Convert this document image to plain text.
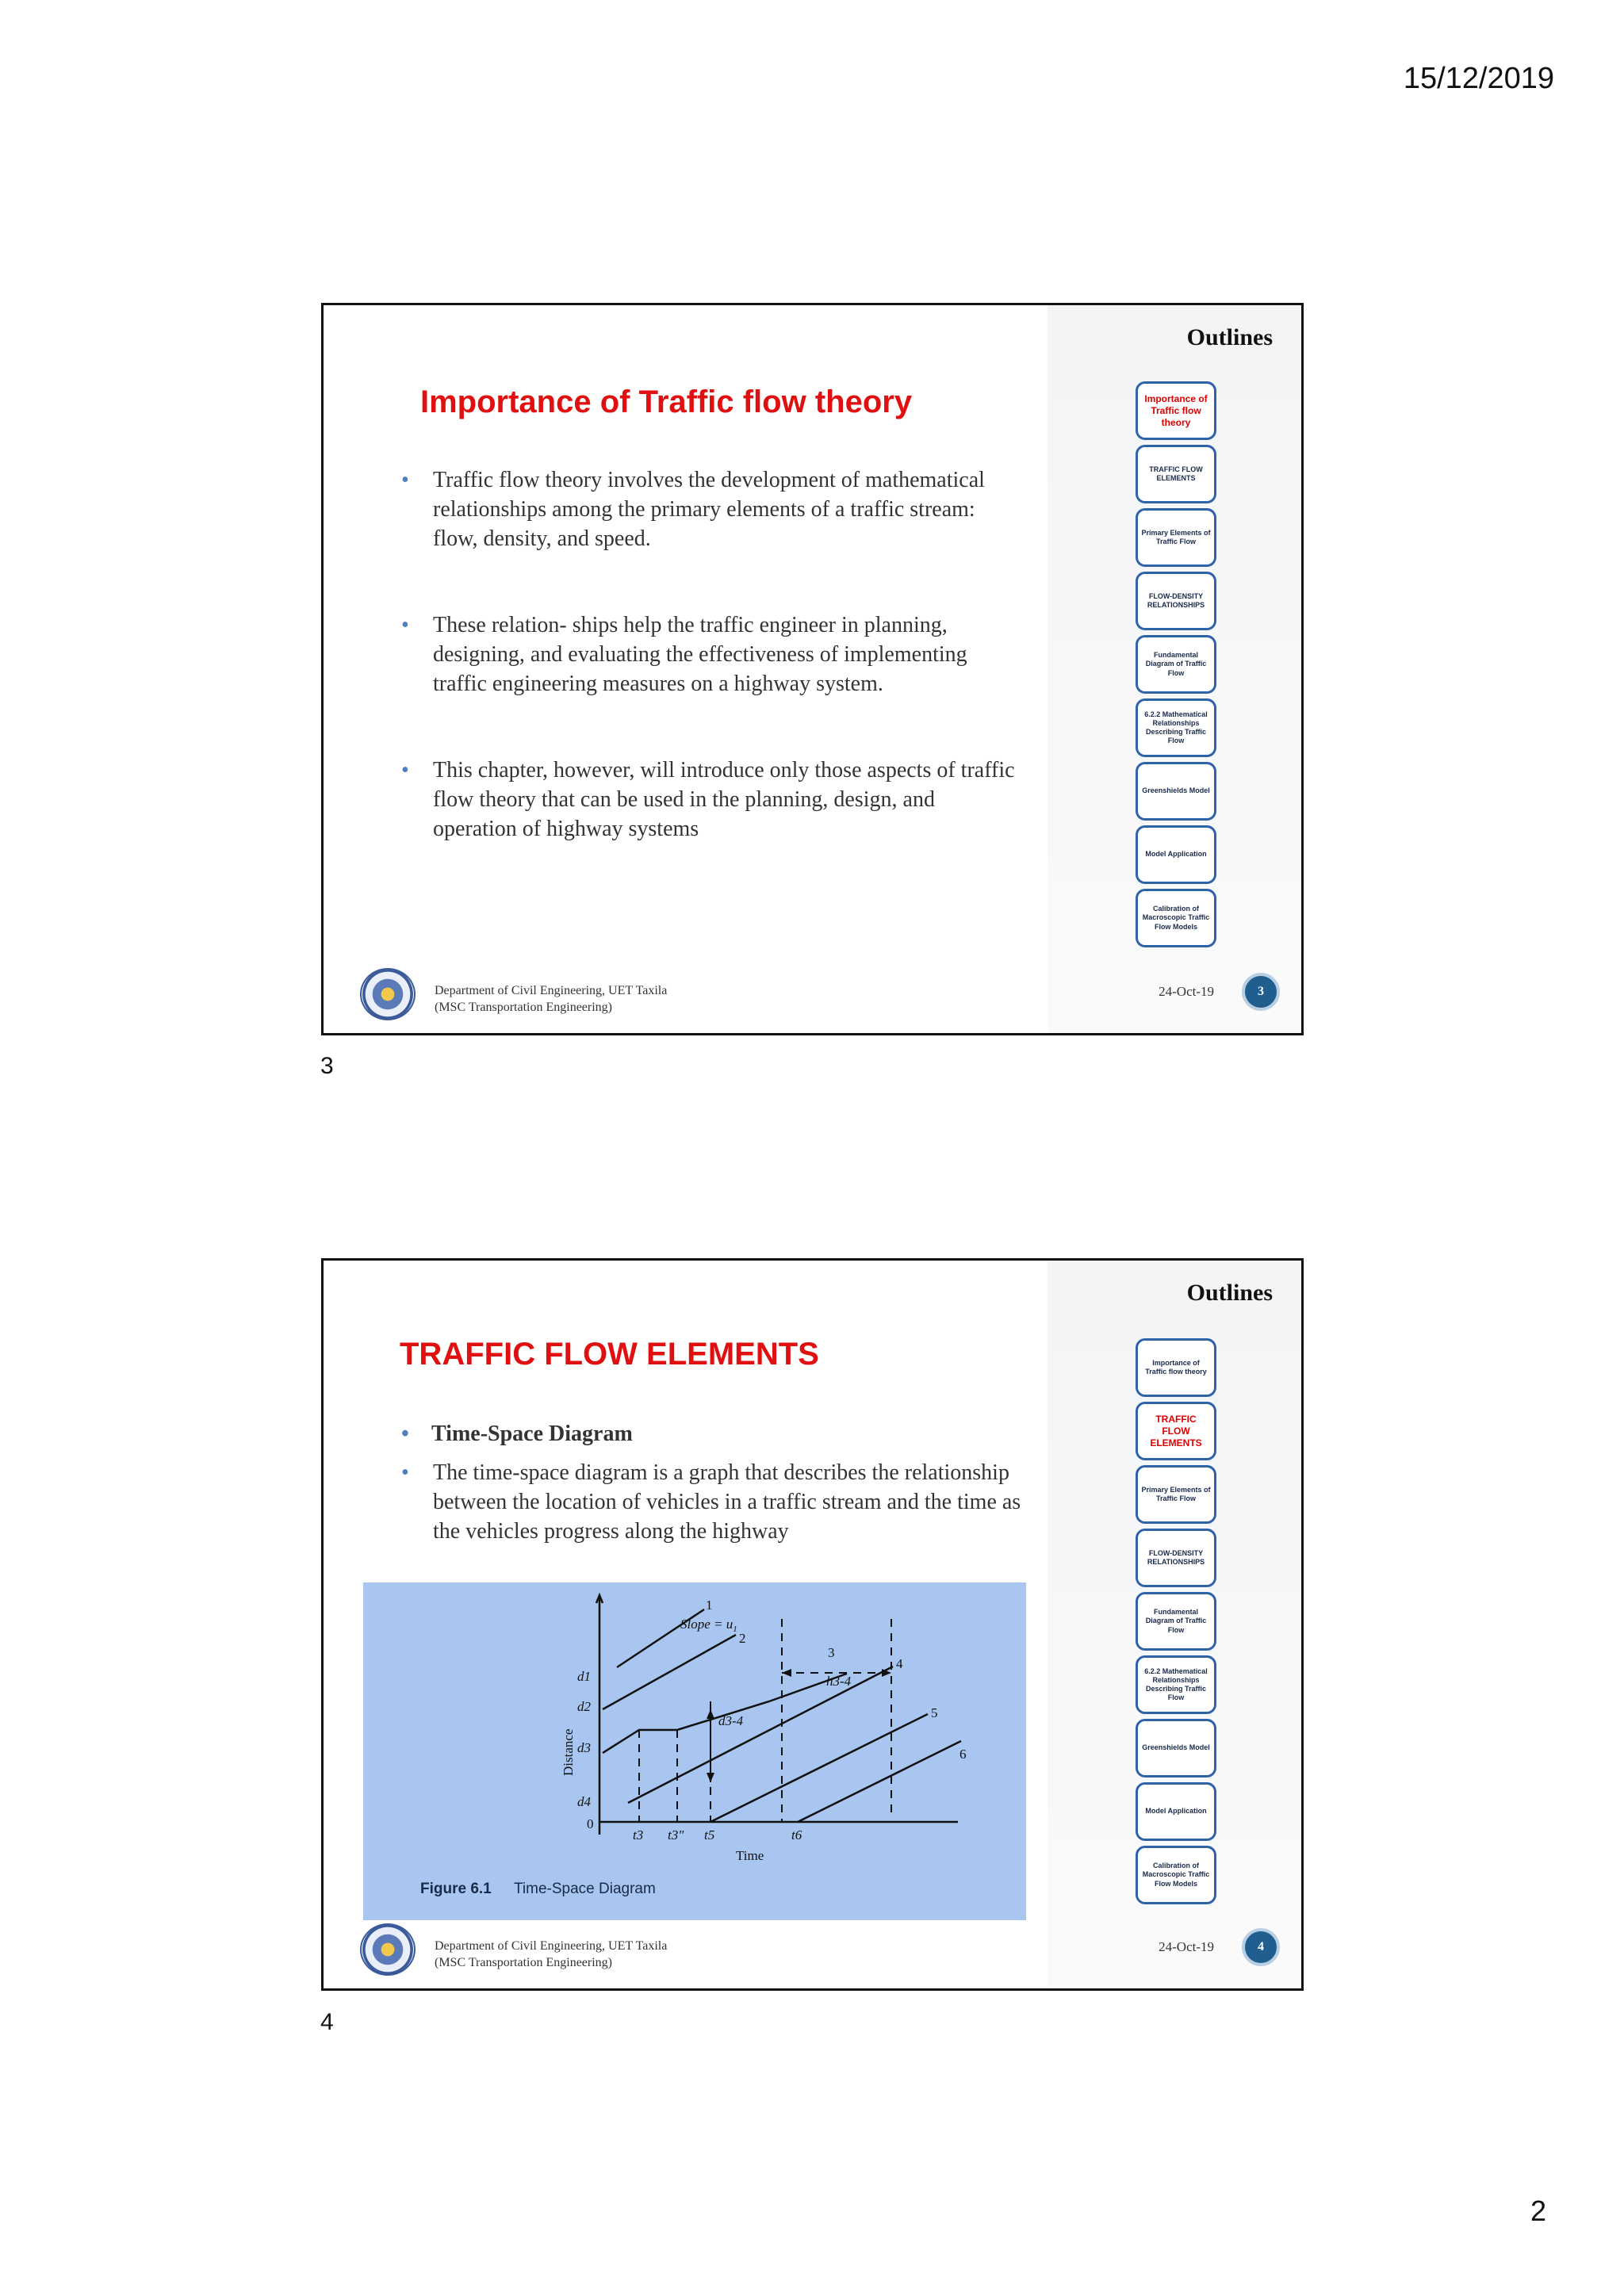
15/12/2019
Outlines
Importance of Traffic flow theory
TRAFFIC FLOW ELEMENTS
Primary Elements of Traffic Flow
FLOW-DENSITY RELATIONSHIPS
Fundamental Diagram of Traffic Flow
6.2.2 Mathematical Relationships Describing Traffic Flow
Greenshields Model
Model Application
Calibration of Macroscopic Traffic Flow Models
Importance of Traffic flow theory

• Traffic flow theory involves the development of mathematical relationships among the primary elements of a traffic stream: flow, density, and speed.

• These relation- ships help the traffic engineer in planning, designing, and evaluating the effectiveness of implementing traffic engineering measures on a highway system.

• This chapter, however, will introduce only those aspects of traffic flow theory that can be used in the planning, design, and operation of highway systems

Department of Civil Engineering, UET Taxila
(MSC Transportation Engineering)
24-Oct-19	3
3
Outlines
Importance of Traffic flow theory
TRAFFIC FLOW ELEMENTS
Primary Elements of Traffic Flow
FLOW-DENSITY RELATIONSHIPS
Fundamental Diagram of Traffic Flow
6.2.2 Mathematical Relationships Describing Traffic Flow
Greenshields Model
Model Application
Calibration of Macroscopic Traffic Flow Models
TRAFFIC FLOW ELEMENTS

• Time-Space Diagram

• The time-space diagram is a graph that describes the relationship between the location of vehicles in a traffic stream and the time as the vehicles progress along the highway

Slope = $u_1$
1
2
3
4
5
6
h3-4
d3-4
d1
d2
d3
d4
0
t3 t3" t5	t6
Time
Distance
Figure 6.1 Time-Space Diagram
Department of Civil Engineering, UET Taxila
(MSC Transportation Engineering)
24-Oct-19	4
4
2
